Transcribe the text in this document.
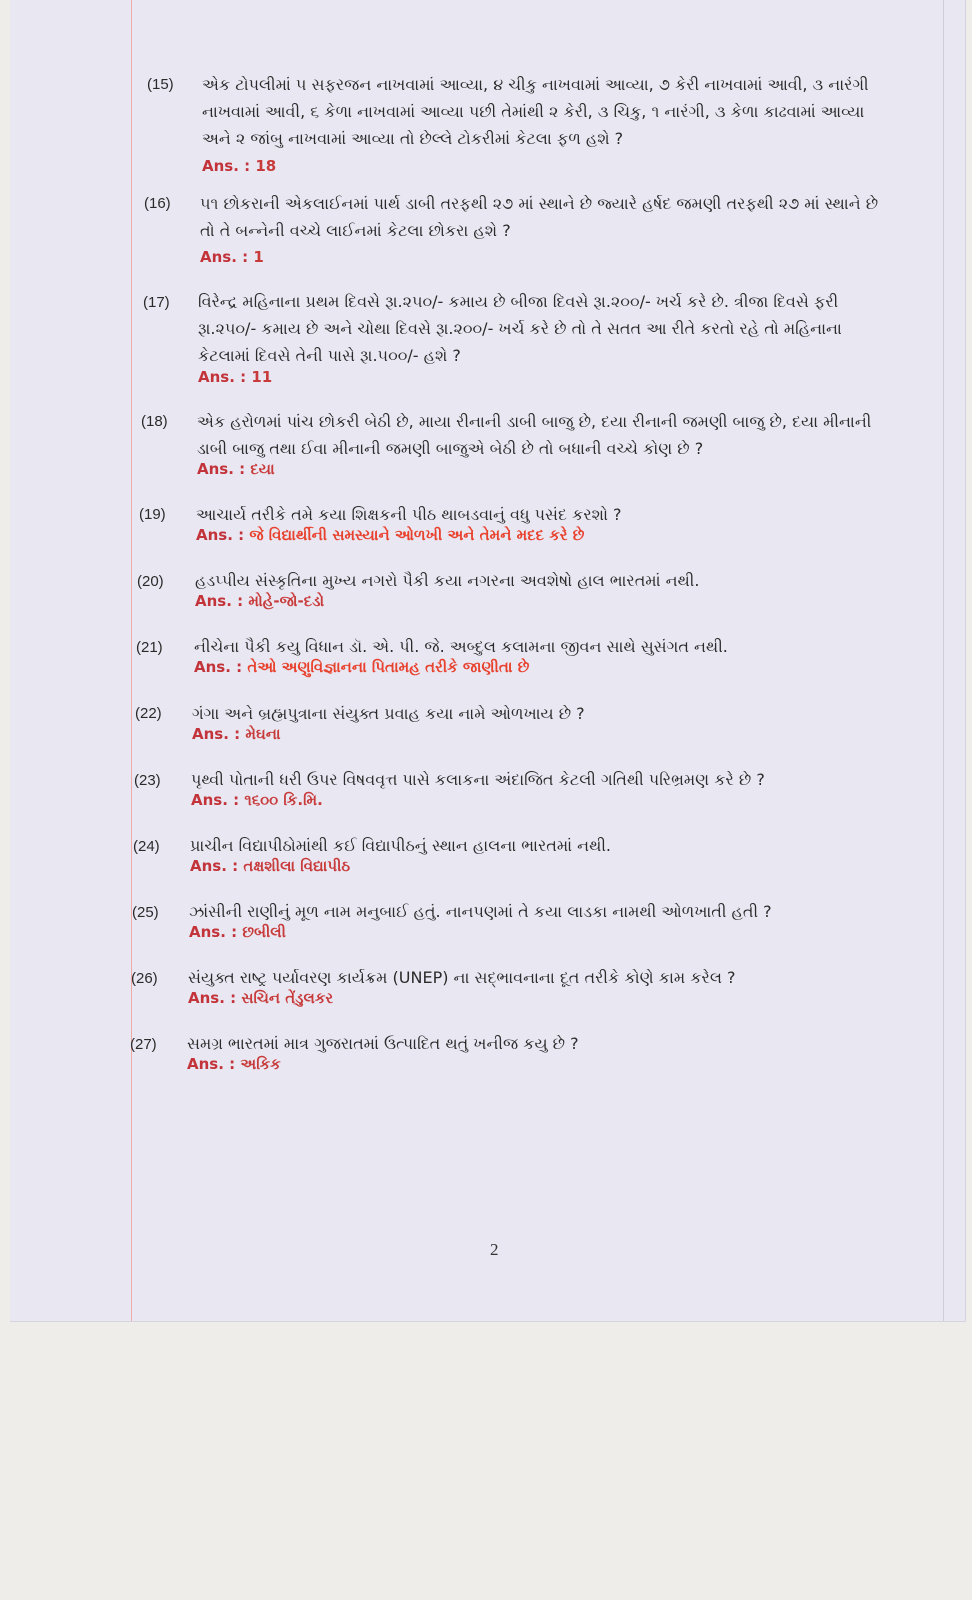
(15) એક ટોપલીમાં ૫ સફરજન નાખવામાં આવ્યા, ૪ ચીકુ નાખવામાં આવ્યા, ૭ કેરી નાખવામાં આવી, ૩ નારંગી નાખવામાં આવી, ૬ કેળા નાખવામાં આવ્યા પછી તેમાંથી ૨ કેરી, ૩ ચિકુ, ૧ નારંગી, ૩ કેળા કાઢવામાં આવ્યા અને ૨ જાંબુ નાખવામાં આવ્યા તો છેલ્લે ટોકરીમાં કેટલા ફળ હશે ?
Ans. : 18
(16) ૫૧ છોકરાની એકલાઈનમાં પાર્થ ડાબી તરફથી ૨૭ માં સ્થાને છે જ્યારે હર્ષદ જમણી તરફથી ૨૭ માં સ્થાને છે તો તે બન્નેની વચ્ચે લાઈનમાં કેટલા છોકરા હશે ?
Ans. : 1
(17) વિરેન્દ્ર મહિનાના પ્રથમ દિવસે રૂા.૨૫૦/- કમાય છે બીજા દિવસે રૂા.૨૦૦/- ખર્ચ કરે છે. ત્રીજા દિવસે ફરી રૂા.૨૫૦/- કમાય છે અને ચોથા દિવસે રૂા.૨૦૦/- ખર્ચ કરે છે તો તે સતત આ રીતે કરતો રહે તો મહિનાના કેટલામાં દિવસે તેની પાસે રૂા.૫૦૦/- હશે ?
Ans. : 11
(18) એક હરોળમાં પાંચ છોકરી બેઠી છે, માયા રીનાની ડાબી બાજુ છે, દયા રીનાની જમણી બાજુ છે, દયા મીનાની ડાબી બાજુ તથા ઈવા મીનાની જમણી બાજુએ બેઠી છે તો બધાની વચ્ચે કોણ છે ?
Ans. : દયા
(19) આચાર્ય તરીકે તમે કયા શિક્ષકની પીઠ થાબડવાનું વધુ પસંદ કરશો ?
Ans. : જે વિદ્યાર્થીની સમસ્યાને ઓળખી અને તેમને મદદ કરે છે
(20) હડપ્પીય સંસ્કૃતિના મુખ્ય નગરો પૈકી કયા નગરના અવશેષો હાલ ભારતમાં નથી.
Ans. : મોહે-જો-દડો
(21) નીચેના પૈકી કયુ વિધાન ડૉ. એ. પી. જે. અબ્દુલ કલામના જીવન સાથે સુસંગત નથી.
Ans. : તેઓ અણુવિજ્ઞાનના પિતામહ તરીકે જાણીતા છે
(22) ગંગા અને બ્રહ્મપુત્રાના સંયુક્ત પ્રવાહ કયા નામે ઓળખાય છે ?
Ans. : મેઘના
(23) પૃથ્વી પોતાની ધરી ઉપર વિષવવૃત્ત પાસે કલાકના અંદાજિત કેટલી ગતિથી પરિભ્રમણ કરે છે ?
Ans. : ૧૬૦૦ કિ.મિ.
(24) પ્રાચીન વિદ્યાપીઠોમાંથી કઈ વિદ્યાપીઠનું સ્થાન હાલના ભારતમાં નથી.
Ans. : તક્ષશીલા વિદ્યાપીઠ
(25) ઝાંસીની રાણીનું મૂળ નામ મનુબાઈ હતું. નાનપણમાં તે કયા લાડકા નામથી ઓળખાતી હતી ?
Ans. : છબીલી
(26) સંયુક્ત રાષ્ટ્ર પર્યાવરણ કાર્યક્રમ (UNEP) ના સદ્ભાવનાના દૂત તરીકે કોણે કામ કરેલ ?
Ans. : સચિન તેંડુલકર
(27) સમગ્ર ભારતમાં માત્ર ગુજરાતમાં ઉત્પાદિત થતું ખનીજ કયુ છે ?
Ans. : અકિક
2
